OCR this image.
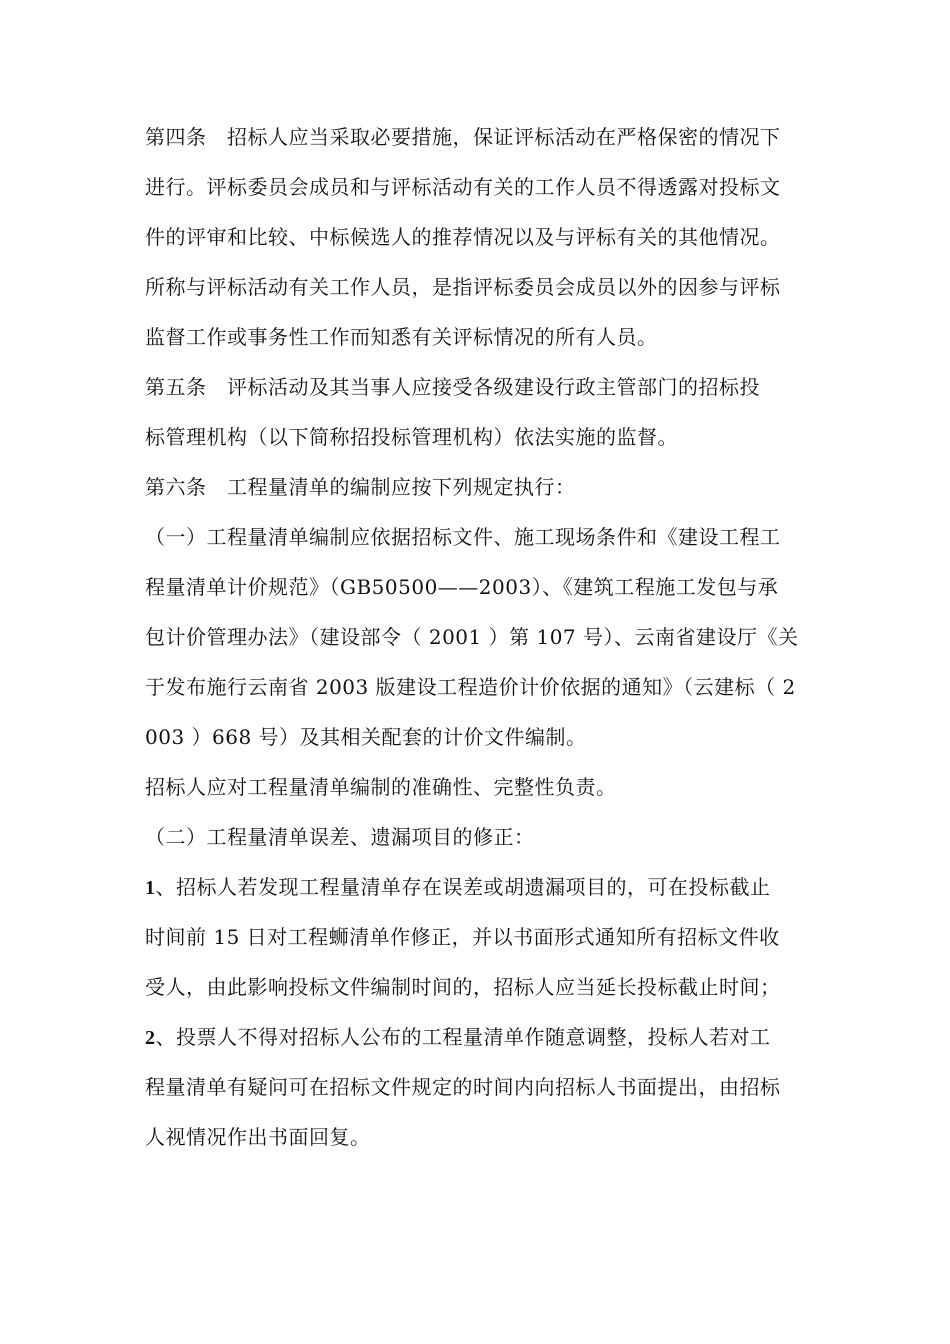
第四条　招标人应当采取必要措施，保证评标活动在严格保密的情况下
进行。评标委员会成员和与评标活动有关的工作人员不得透露对投标文
件的评审和比较、中标候选人的推荐情况以及与评标有关的其他情况。
所称与评标活动有关工作人员，是指评标委员会成员以外的因参与评标
监督工作或事务性工作而知悉有关评标情况的所有人员。
第五条　评标活动及其当事人应接受各级建设行政主管部门的招标投
标管理机构（以下简称招投标管理机构）依法实施的监督。
第六条　工程量清单的编制应按下列规定执行：
（一）工程量清单编制应依据招标文件、施工现场条件和《建设工程工
程量清单计价规范》（GB50500——2003）、《建筑工程施工发包与承
包计价管理办法》（建设部令（ 2001 ）第 107 号）、云南省建设厅《关
于发布施行云南省 2003 版建设工程造价计价依据的通知》（云建标（ 2
003 ）668 号）及其相关配套的计价文件编制。
招标人应对工程量清单编制的准确性、完整性负责。
（二）工程量清单误差、遗漏项目的修正：
1、招标人若发现工程量清单存在误差或胡遗漏项目的，可在投标截止
时间前 15 日对工程蛳清单作修正，并以书面形式通知所有招标文件收
受人，由此影响投标文件编制时间的，招标人应当延长投标截止时间；
2、投票人不得对招标人公布的工程量清单作随意调整，投标人若对工
程量清单有疑问可在招标文件规定的时间内向招标人书面提出，由招标
人视情况作出书面回复。
